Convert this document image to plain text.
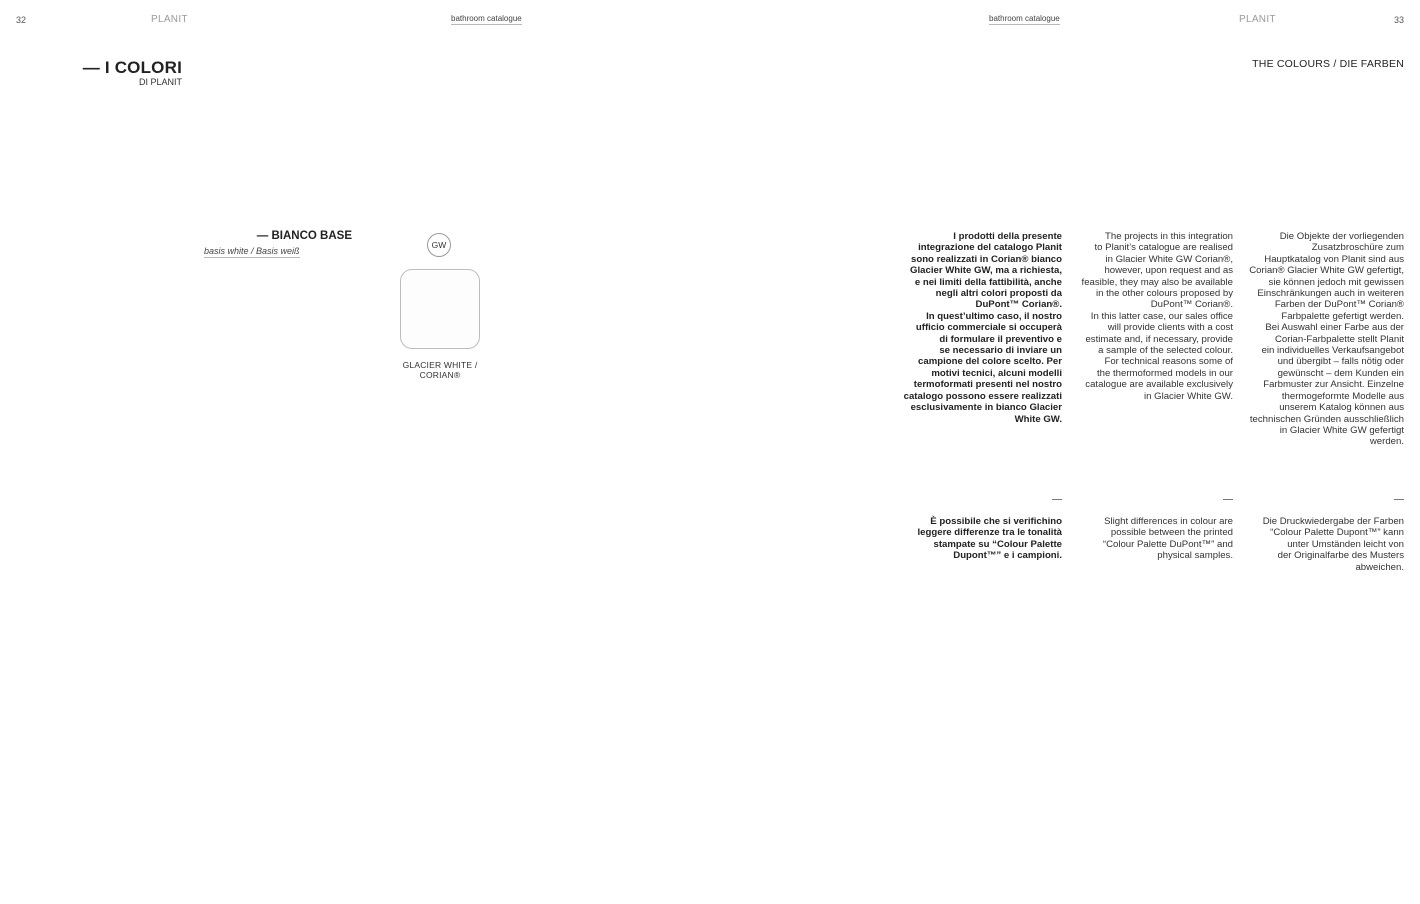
32	PLANIT	bathroom catalogue	bathroom catalogue	PLANIT	33
— I COLORI
DI PLANIT
THE COLOURS / DIE FARBEN
— BIANCO BASE
basis white / Basis weiß
GW
GLACIER WHITE / CORIAN®
I prodotti della presente
integrazione del catalogo Planit
sono realizzati in Corian® bianco
Glacier White GW, ma a richiesta,
e nei limiti della fattibilità, anche
negli altri colori proposti da
DuPont™ Corian®.
In quest’ultimo caso, il nostro
ufficio commerciale si occuperà
di formulare il preventivo e
se necessario di inviare un
campione del colore scelto. Per
motivi tecnici, alcuni modelli
termoformati presenti nel nostro
catalogo possono essere realizzati
esclusivamente in bianco Glacier
White GW.
The projects in this integration
to Planit’s catalogue are realised
in Glacier White GW Corian®,
however, upon request and as
feasible, they may also be available
in the other colours proposed by
DuPont™ Corian®.
In this latter case, our sales office
will provide clients with a cost
estimate and, if necessary, provide
a sample of the selected colour.
For technical reasons some of
the thermoformed models in our
catalogue are available exclusively
in Glacier White GW.
Die Objekte der vorliegenden
Zusatzbroschüre zum
Hauptkatalog von Planit sind aus
Corian® Glacier White GW gefertigt,
sie können jedoch mit gewissen
Einschränkungen auch in weiteren
Farben der DuPont™ Corian®
Farbpalette gefertigt werden.
Bei Auswahl einer Farbe aus der
Corian-Farbpalette stellt Planit
ein individuelles Verkaufsangebot
und übergibt – falls nötig oder
gewünscht – dem Kunden ein
Farbmuster zur Ansicht. Einzelne
thermogeformte Modelle aus
unserem Katalog können aus
technischen Gründen ausschließlich
in Glacier White GW gefertigt
werden.
È possibile che si verifichino
leggere differenze tra le tonalità
stampate su “Colour Palette
Dupont™” e i campioni.
Slight differences in colour are
possible between the printed
“Colour Palette DuPont™” and
physical samples.
Die Druckwiedergabe der Farben
“Colour Palette Dupont™” kann
unter Umständen leicht von
der Originalfarbe des Musters
abweichen.
